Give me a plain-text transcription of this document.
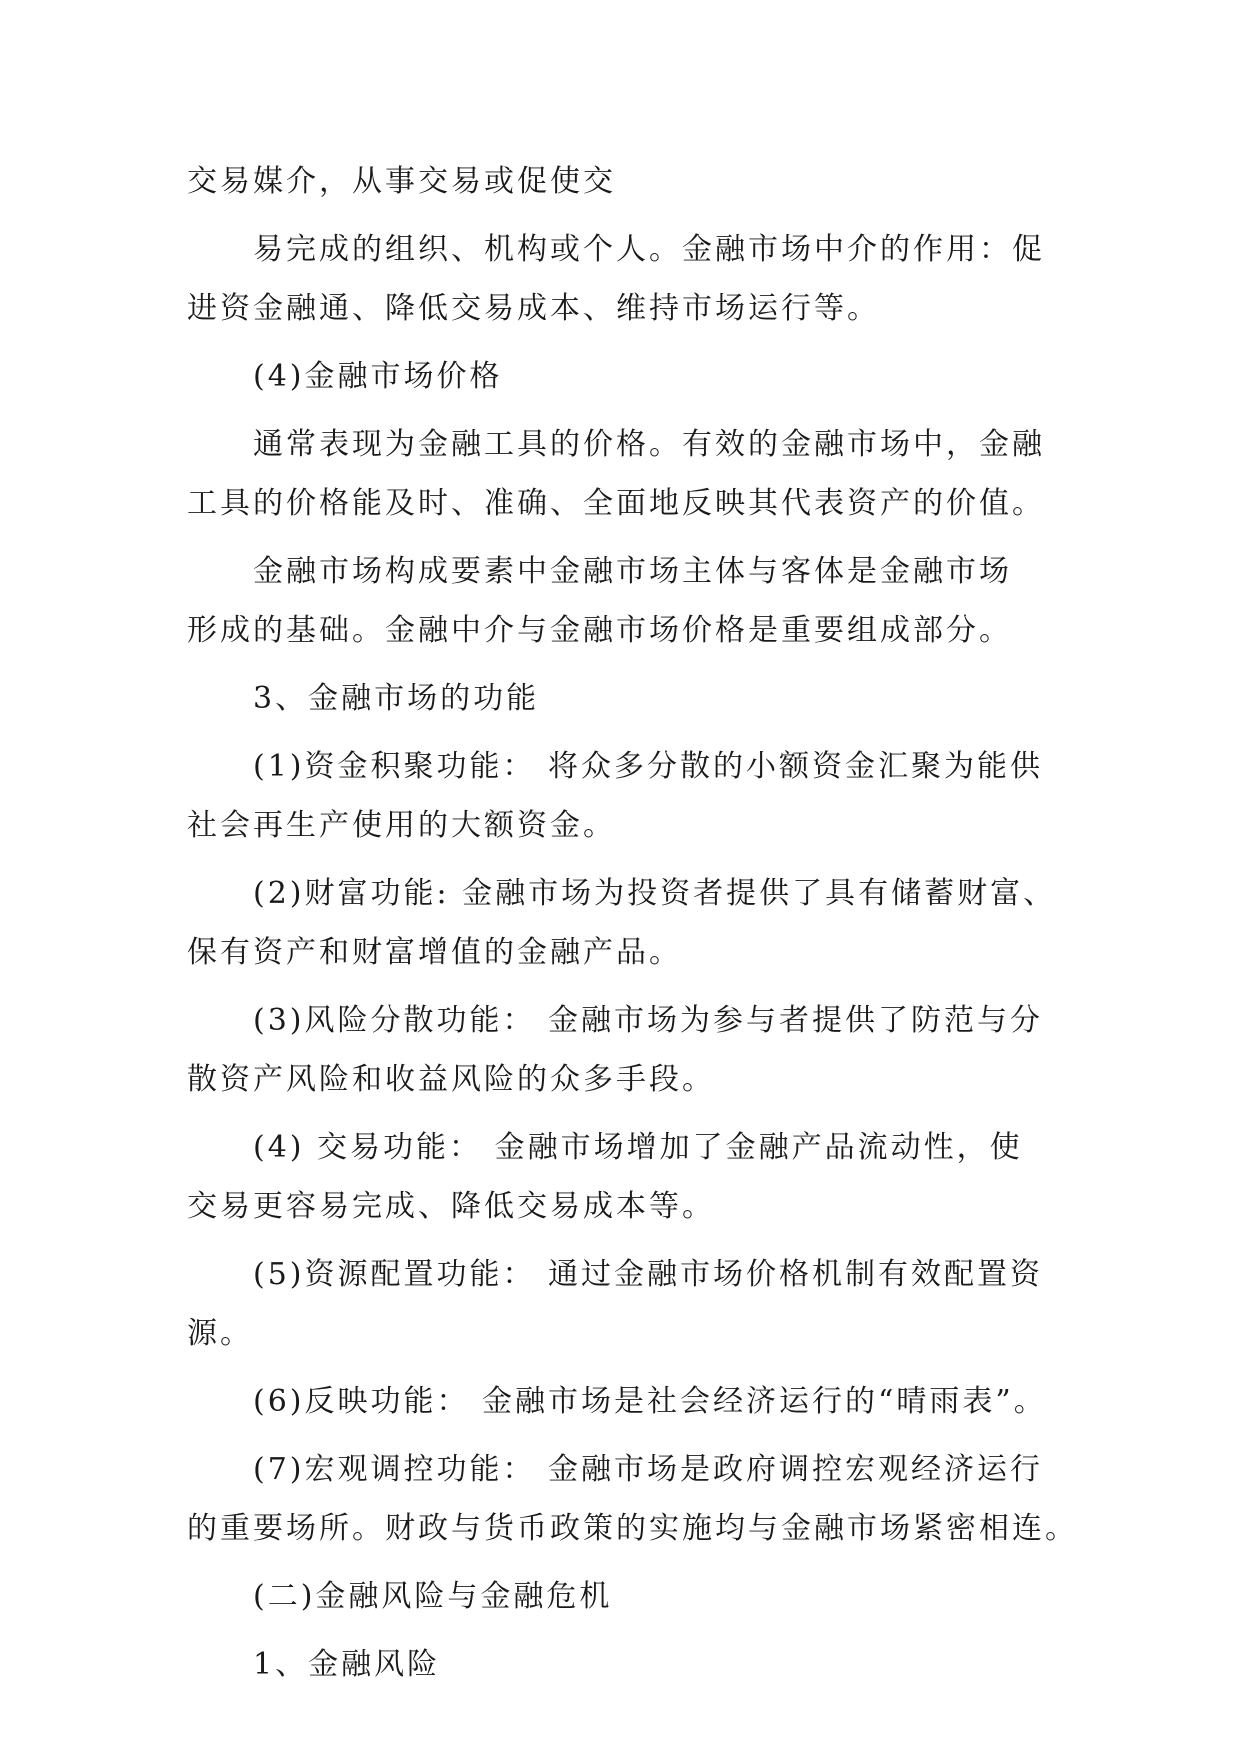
交易媒介，从事交易或促使交

易完成的组织、机构或个人。金融市场中介的作用：促

进资金融通、降低交易成本、维持市场运行等。

(4)金融市场价格

通常表现为金融工具的价格。有效的金融市场中，金融

工具的价格能及时、准确、全面地反映其代表资产的价值。

金融市场构成要素中金融市场主体与客体是金融市场

形成的基础。金融中介与金融市场价格是重要组成部分。

3、金融市场的功能

(1)资金积聚功能： 将众多分散的小额资金汇聚为能供

社会再生产使用的大额资金。

(2)财富功能: 金融市场为投资者提供了具有储蓄财富、

保有资产和财富增值的金融产品。

(3)风险分散功能： 金融市场为参与者提供了防范与分

散资产风险和收益风险的众多手段。

(4) 交易功能： 金融市场增加了金融产品流动性，使

交易更容易完成、降低交易成本等。

(5)资源配置功能： 通过金融市场价格机制有效配置资

源。

(6)反映功能： 金融市场是社会经济运行的“晴雨表”。

(7)宏观调控功能： 金融市场是政府调控宏观经济运行

的重要场所。财政与货币政策的实施均与金融市场紧密相连。

(二)金融风险与金融危机

1、金融风险
